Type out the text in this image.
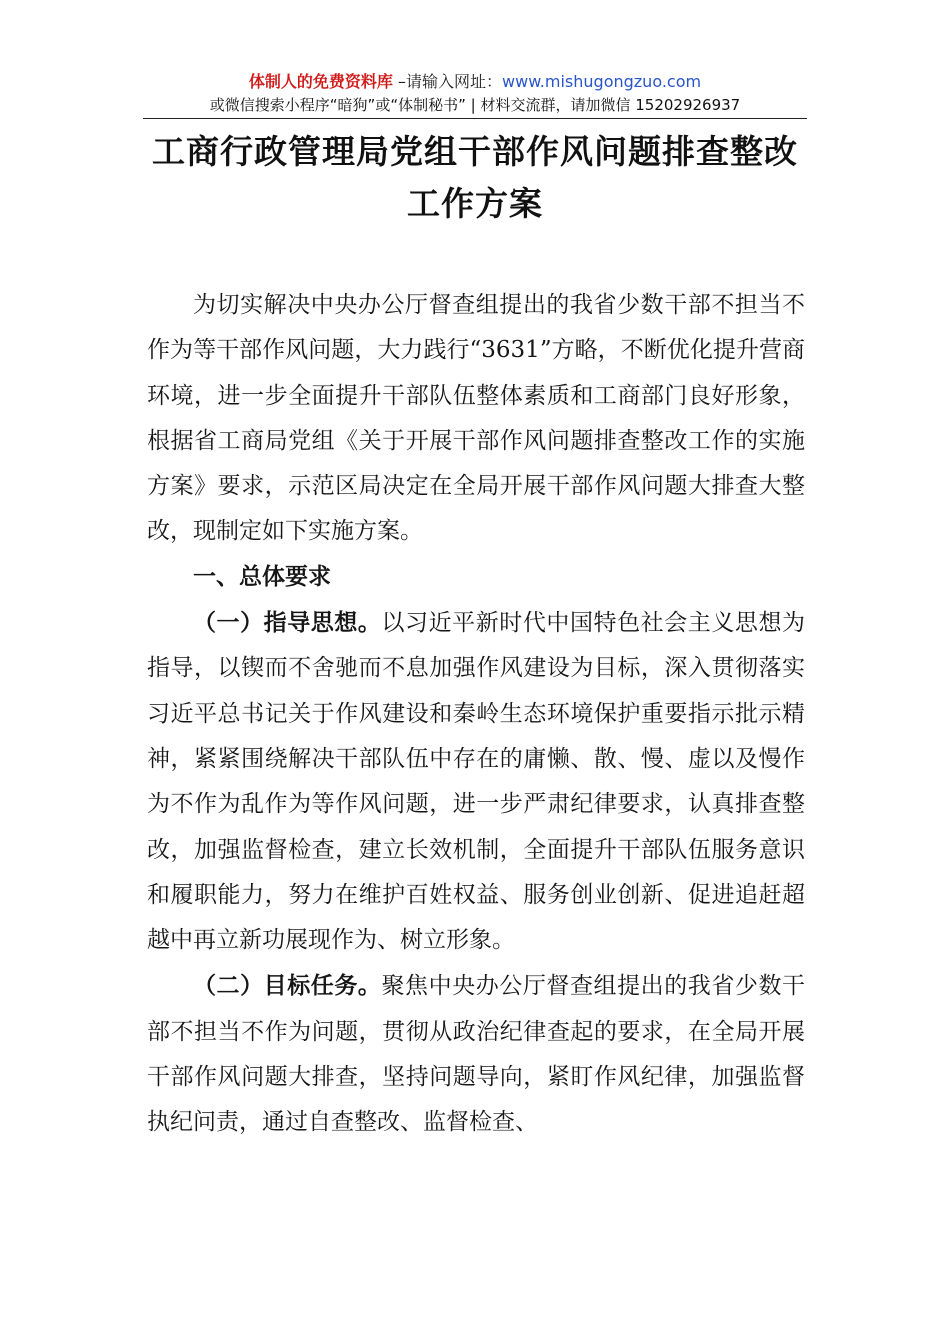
体制人的免费资料库 –请输入网址：www.mishugongzuo.com
或微信搜索小程序“暗狗”或“体制秘书” | 材料交流群，请加微信 15202926937
工商行政管理局党组干部作风问题排查整改工作方案

为切实解决中央办公厅督查组提出的我省少数干部不担当不作为等干部作风问题，大力践行“3631”方略，不断优化提升营商环境，进一步全面提升干部队伍整体素质和工商部门良好形象，根据省工商局党组《关于开展干部作风问题排查整改工作的实施方案》要求，示范区局决定在全局开展干部作风问题大排查大整改，现制定如下实施方案。

一、总体要求

（一）指导思想。以习近平新时代中国特色社会主义思想为指导，以锲而不舍驰而不息加强作风建设为目标，深入贯彻落实习近平总书记关于作风建设和秦岭生态环境保护重要指示批示精神，紧紧围绕解决干部队伍中存在的庸懒、散、慢、虚以及慢作为不作为乱作为等作风问题，进一步严肃纪律要求，认真排查整改，加强监督检查，建立长效机制，全面提升干部队伍服务意识和履职能力，努力在维护百姓权益、服务创业创新、促进追赶超越中再立新功展现作为、树立形象。

（二）目标任务。聚焦中央办公厅督查组提出的我省少数干部不担当不作为问题，贯彻从政治纪律查起的要求，在全局开展干部作风问题大排查，坚持问题导向，紧盯作风纪律，加强监督执纪问责，通过自查整改、监督检查、
